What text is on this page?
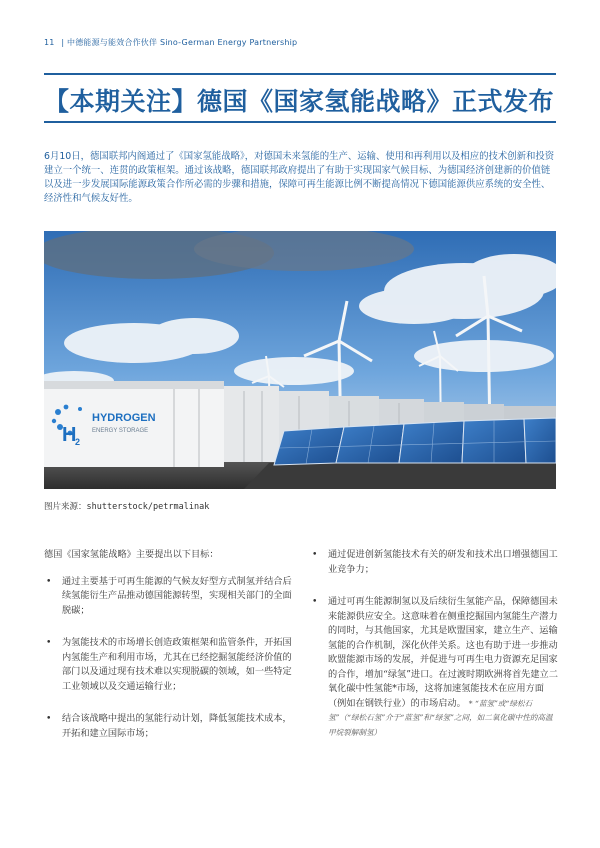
11 | 中德能源与能效合作伙伴 Sino-German Energy Partnership
【本期关注】德国《国家氢能战略》正式发布
6月10日，德国联邦内阁通过了《国家氢能战略》，对德国未来氢能的生产、运输、使用和再利用以及相应的技术创新和投资建立一个统一、连贯的政策框架。通过该战略，德国联邦政府提出了有助于实现国家气候目标、为德国经济创建新的价值链以及进一步发展国际能源政策合作所必需的步骤和措施，保障可再生能源比例不断提高情况下德国能源供应系统的安全性、经济性和气候友好性。
H
2
HYDROGEN
ENERGY STORAGE
图片来源：shutterstock/petrmalinak

德国《国家氢能战略》主要提出以下目标：

• 通过主要基于可再生能源的气候友好型方式制氢并结合后续氢能衍生产品推动德国能源转型，实现相关部门的全面脱碳；
• 为氢能技术的市场增长创造政策框架和监管条件，开拓国内氢能生产和利用市场，尤其在已经挖掘氢能经济价值的部门以及通过现有技术难以实现脱碳的领域，如一些特定工业领域以及交通运输行业；
• 结合该战略中提出的氢能行动计划，降低氢能技术成本，开拓和建立国际市场；
• 通过促进创新氢能技术有关的研发和技术出口增强德国工业竞争力；
• 通过可再生能源制氢以及后续衍生氢能产品，保障德国未来能源供应安全。这意味着在侧重挖掘国内氢能生产潜力的同时，与其他国家，尤其是欧盟国家，建立生产、运输氢能的合作机制，深化伙伴关系。这也有助于进一步推动欧盟能源市场的发展，并促进与可再生电力资源充足国家的合作，增加“绿氢”进口。在过渡时期欧洲将首先建立二氧化碳中性氢能*市场，这将加速氢能技术在应用方面（例如在钢铁行业）的市场启动。 * “蓝氢”或“绿松石氢”（“绿松石氢”介于“蓝氢”和“绿氢”之间，如二氧化碳中性的高温甲烷裂解制氢）
